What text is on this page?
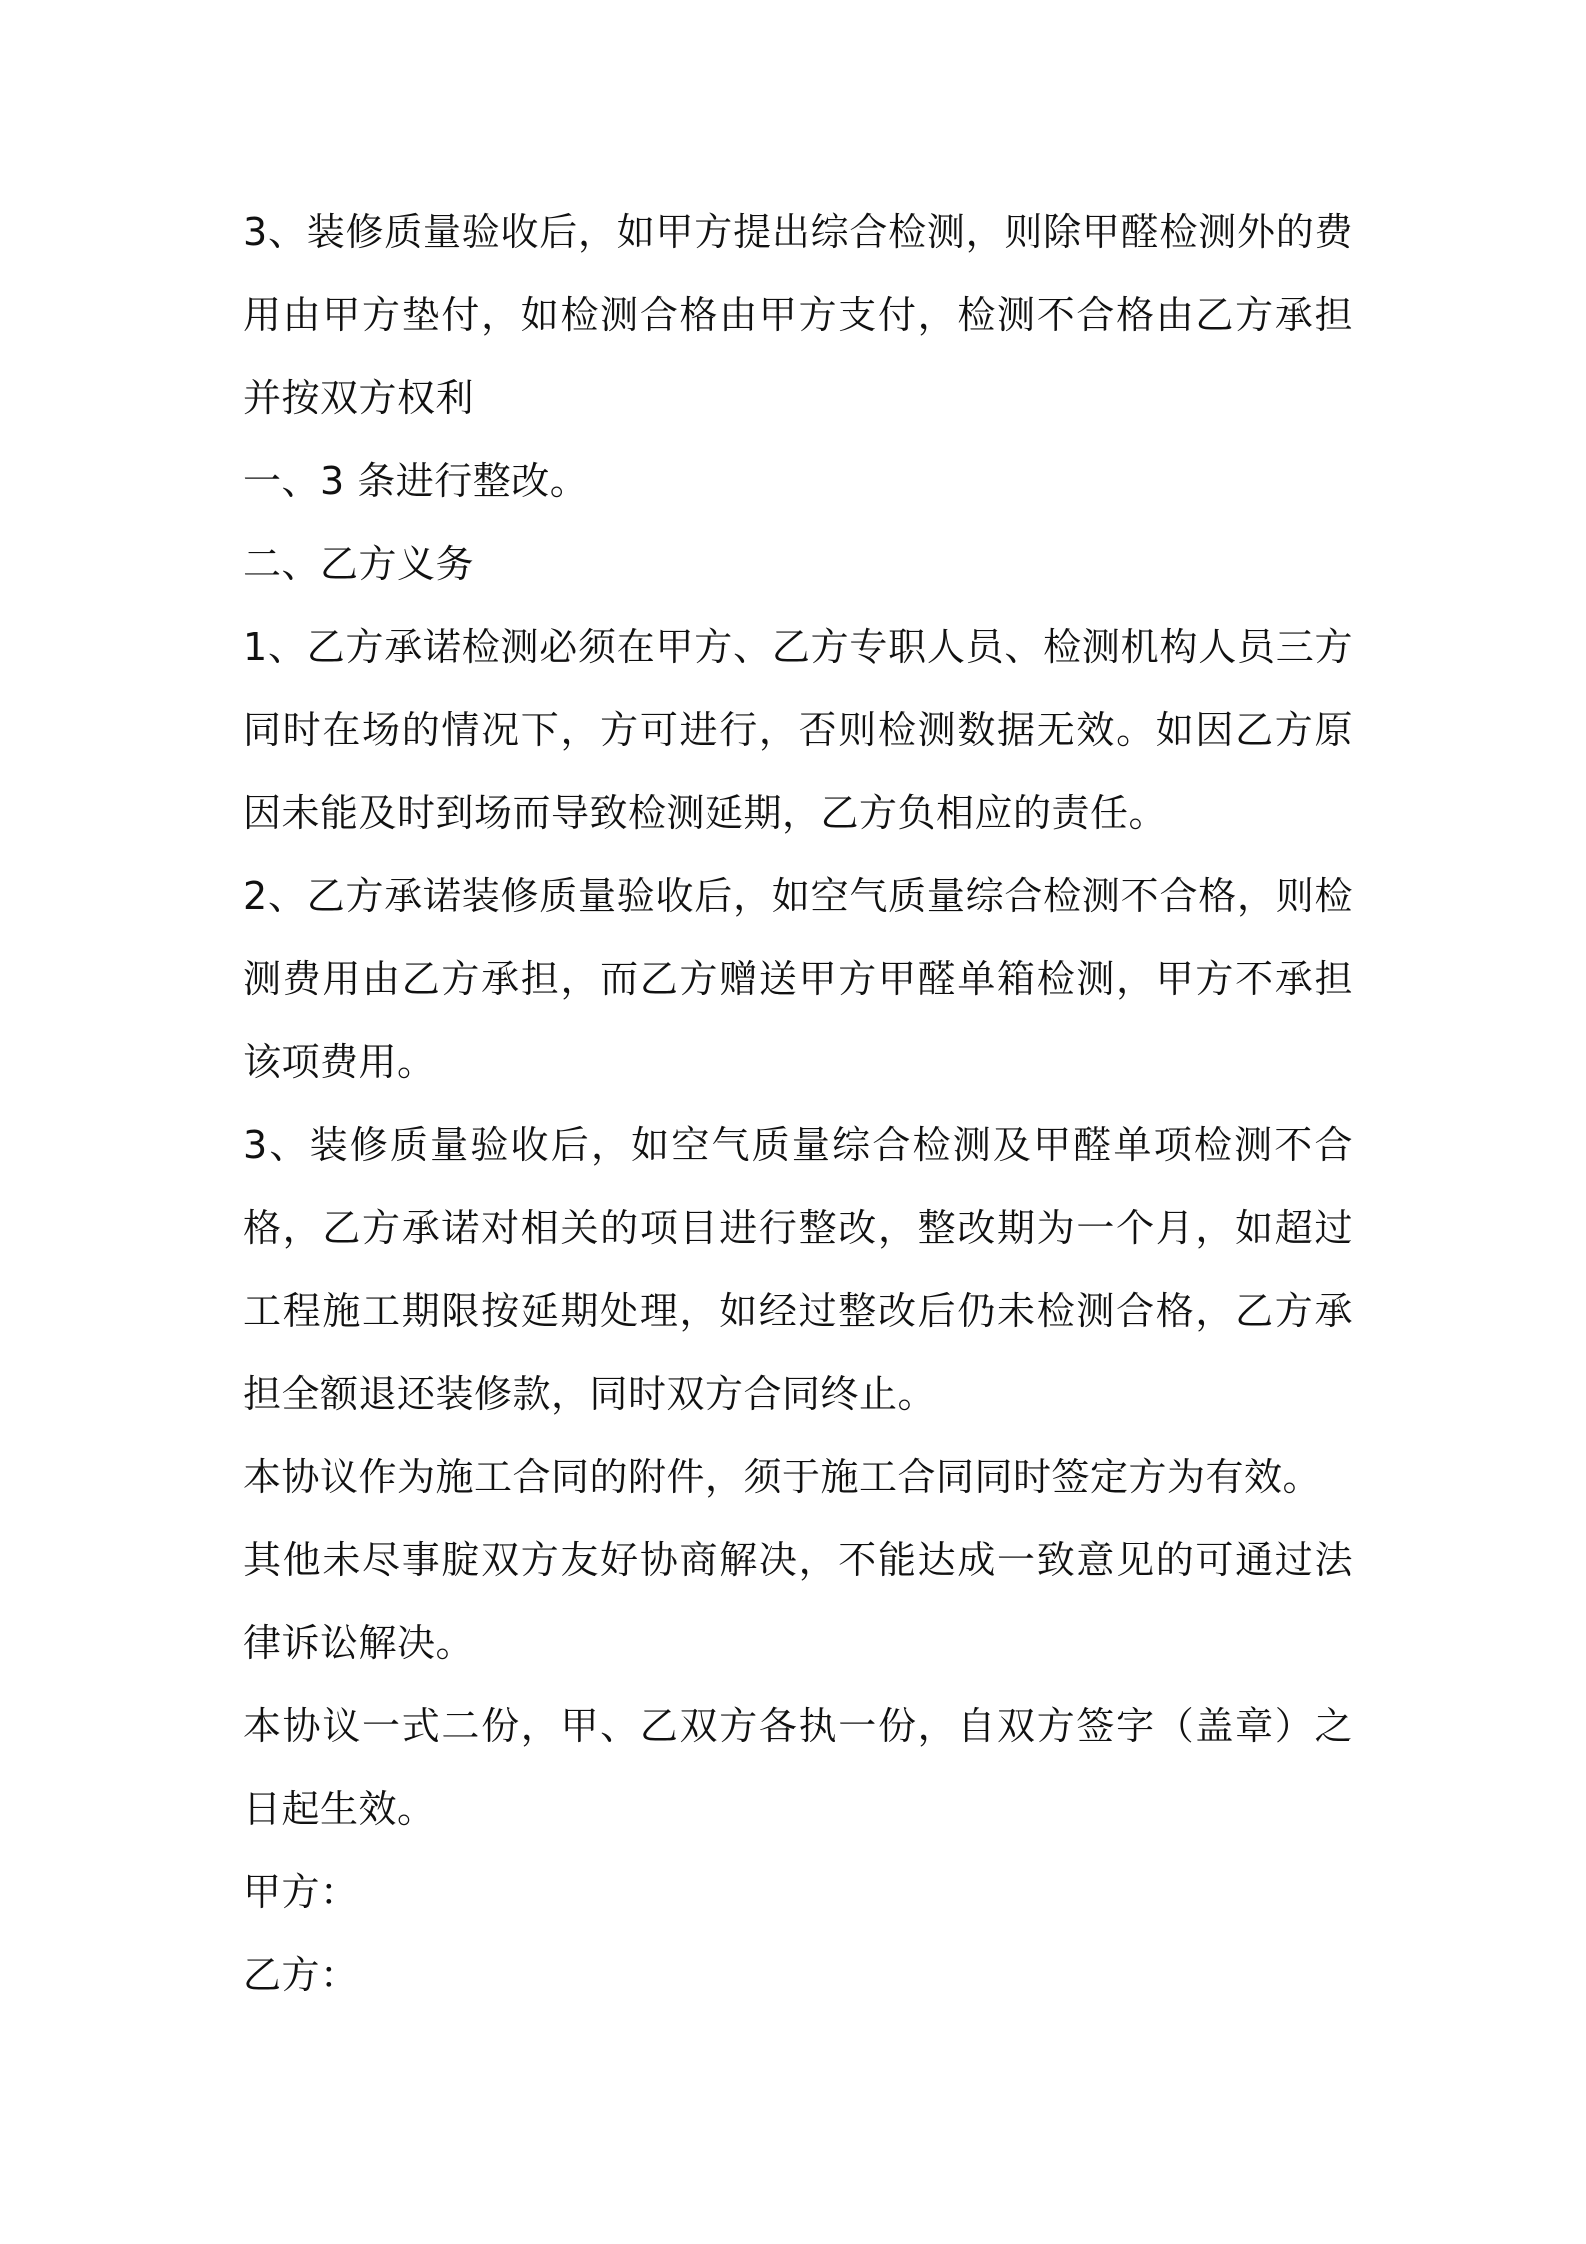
3、装修质量验收后，如甲方提出综合检测，则除甲醛检测外的费用由甲方垫付，如检测合格由甲方支付，检测不合格由乙方承担并按双方权利

一、3 条进行整改。

二、乙方义务

1、乙方承诺检测必须在甲方、乙方专职人员、检测机构人员三方同时在场的情况下，方可进行，否则检测数据无效。如因乙方原因未能及时到场而导致检测延期，乙方负相应的责任。

2、乙方承诺装修质量验收后，如空气质量综合检测不合格，则检测费用由乙方承担，而乙方赠送甲方甲醛单箱检测，甲方不承担该项费用。

3、装修质量验收后，如空气质量综合检测及甲醛单项检测不合格，乙方承诺对相关的项目进行整改，整改期为一个月，如超过工程施工期限按延期处理，如经过整改后仍未检测合格，乙方承担全额退还装修款，同时双方合同终止。

本协议作为施工合同的附件，须于施工合同同时签定方为有效。

其他未尽事腚双方友好协商解决，不能达成一致意见的可通过法律诉讼解决。

本协议一式二份，甲、乙双方各执一份，自双方签字（盖章）之日起生效。

甲方：

乙方：
